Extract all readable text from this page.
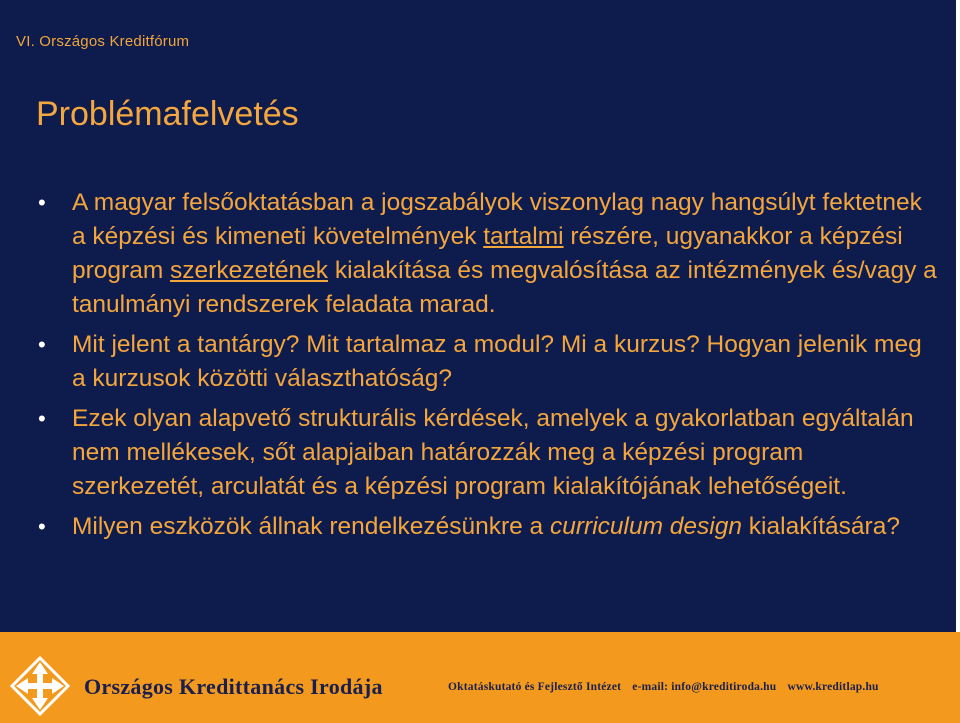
VI. Országos Kreditfórum
Problémafelvetés
• A magyar felsőoktatásban a jogszabályok viszonylag nagy hangsúlyt fektetnek a képzési és kimeneti követelmények tartalmi részére, ugyanakkor a képzési program szerkezetének kialakítása és megvalósítása az intézmények és/vagy a tanulmányi rendszerek feladata marad.
• Mit jelent a tantárgy? Mit tartalmaz a modul? Mi a kurzus? Hogyan jelenik meg a kurzusok közötti választhatóság?
• Ezek olyan alapvető strukturális kérdések, amelyek a gyakorlatban egyáltalán nem mellékesek, sőt alapjaiban határozzák meg a képzési program szerkezetét, arculatát és a képzési program kialakítójának lehetőségeit.
• Milyen eszközök állnak rendelkezésünkre a curriculum design kialakítására?
Országos Kredittanács Irodája	Oktatáskutató és Fejlesztő Intézet e-mail: info@kreditiroda.hu www.kreditlap.hu
